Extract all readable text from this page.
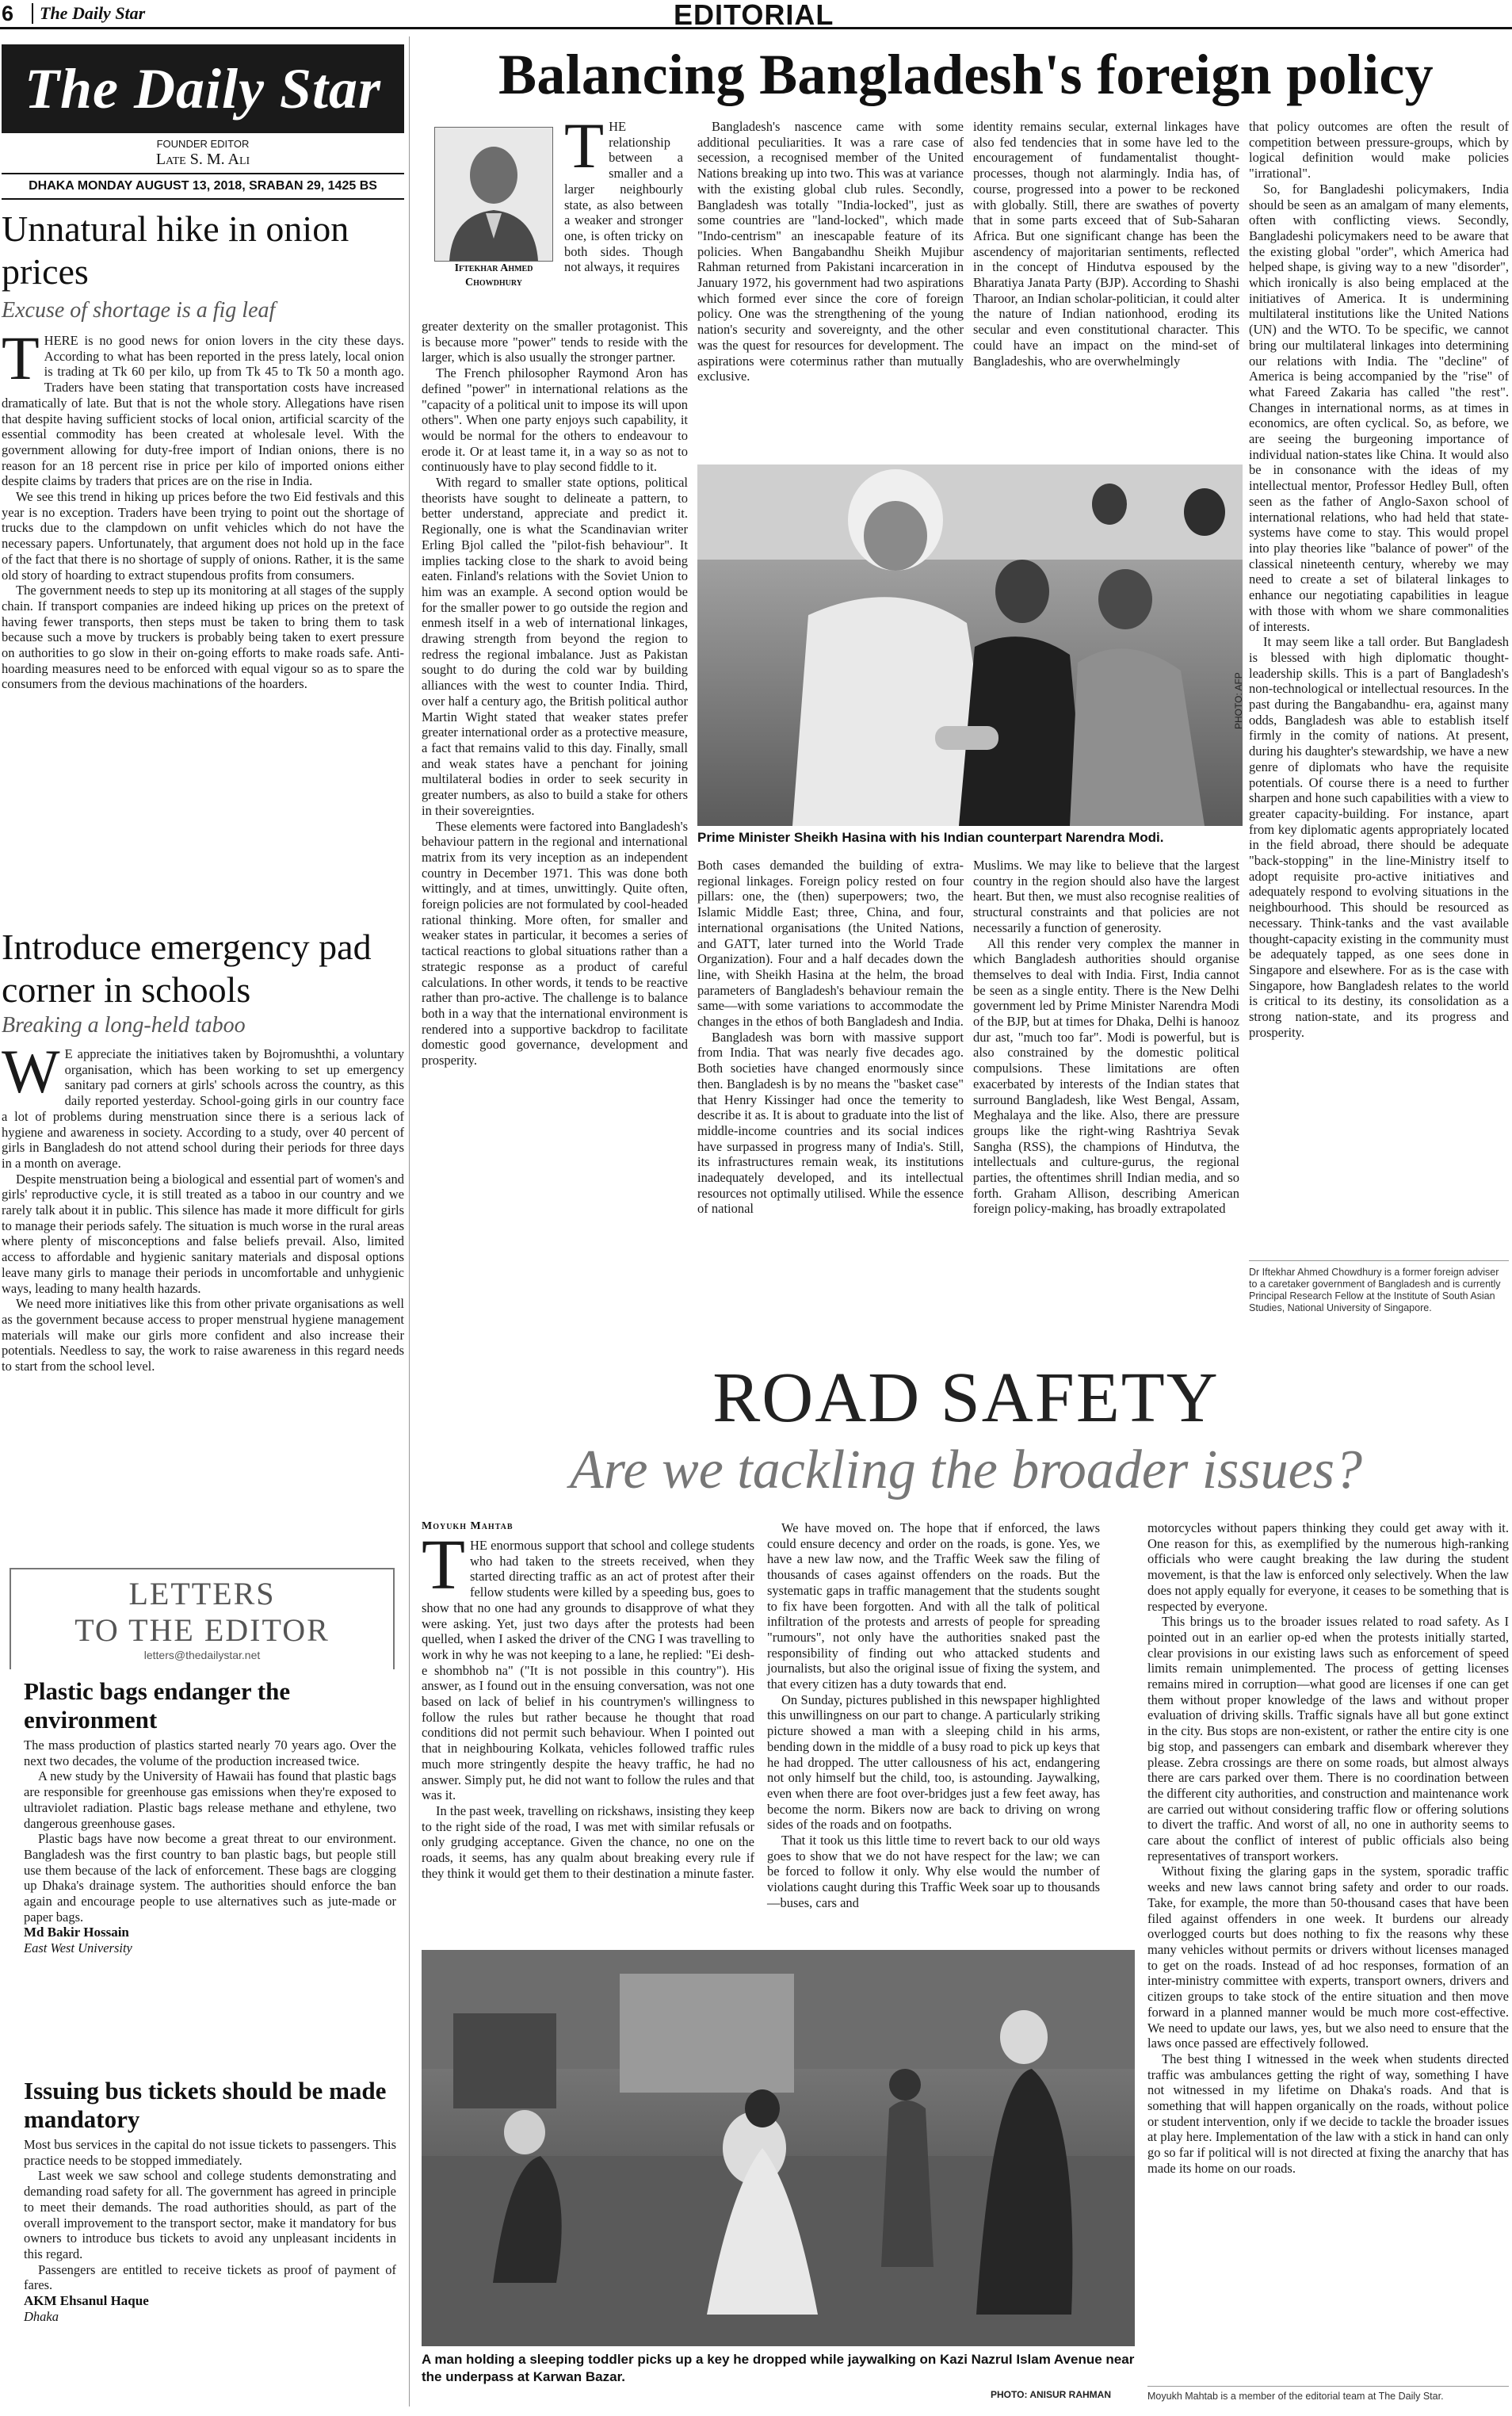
6	The Daily Star	EDITORIAL
The Daily Star
FOUNDER EDITOR
Late S. M. Ali
DHAKA MONDAY AUGUST 13, 2018, SRABAN 29, 1425 BS
Unnatural hike in onion prices
Excuse of shortage is a fig leaf

THERE is no good news for onion lovers in the city these days. According to what has been reported in the press lately, local onion is trading at Tk 60 per kilo, up from Tk 45 to Tk 50 a month ago. Traders have been stating that transportation costs have increased dramatically of late. But that is not the whole story. Allegations have risen that despite having sufficient stocks of local onion, artificial scarcity of the essential commodity has been created at wholesale level. With the government allowing for duty-free import of Indian onions, there is no reason for an 18 percent rise in price per kilo of imported onions either despite claims by traders that prices are on the rise in India.

We see this trend in hiking up prices before the two Eid festivals and this year is no exception. Traders have been trying to point out the shortage of trucks due to the clampdown on unfit vehicles which do not have the necessary papers. Unfortunately, that argument does not hold up in the face of the fact that there is no shortage of supply of onions. Rather, it is the same old story of hoarding to extract stupendous profits from consumers.

The government needs to step up its monitoring at all stages of the supply chain. If transport companies are indeed hiking up prices on the pretext of having fewer transports, then steps must be taken to bring them to task because such a move by truckers is probably being taken to exert pressure on authorities to go slow in their on-going efforts to make roads safe. Anti-hoarding measures need to be enforced with equal vigour so as to spare the consumers from the devious machinations of the hoarders.

Introduce emergency pad corner in schools
Breaking a long-held taboo

W E appreciate the initiatives taken by Bojromushthi, a voluntary organisation, which has been working to set up emergency sanitary pad corners at girls' schools across the country, as this daily reported yesterday. School-going girls in our country face a lot of problems during menstruation since there is a serious lack of hygiene and awareness in society. According to a study, over 40 percent of girls in Bangladesh do not attend school during their periods for three days in a month on average.

Despite menstruation being a biological and essential part of women's and girls' reproductive cycle, it is still treated as a taboo in our country and we rarely talk about it in public. This silence has made it more difficult for girls to manage their periods safely. The situation is much worse in the rural areas where plenty of misconceptions and false beliefs prevail. Also, limited access to affordable and hygienic sanitary materials and disposal options leave many girls to manage their periods in uncomfortable and unhygienic ways, leading to many health hazards.

We need more initiatives like this from other private organisations as well as the government because access to proper menstrual hygiene management materials will make our girls more confident and also increase their potentials. Needless to say, the work to raise awareness in this regard needs to start from the school level.

LETTERS
TO THE EDITOR
letters@thedailystar.net
Plastic bags endanger the environment

The mass production of plastics started nearly 70 years ago. Over the next two decades, the volume of the production increased twice.

A new study by the University of Hawaii has found that plastic bags are responsible for greenhouse gas emissions when they're exposed to ultraviolet radiation. Plastic bags release methane and ethylene, two dangerous greenhouse gases.

Plastic bags have now become a great threat to our environment. Bangladesh was the first country to ban plastic bags, but people still use them because of the lack of enforcement. These bags are clogging up Dhaka's drainage system. The authorities should enforce the ban again and encourage people to use alternatives such as jute-made or paper bags.

Md Bakir Hossain
East West University
Issuing bus tickets should be made mandatory

Most bus services in the capital do not issue tickets to passengers. This practice needs to be stopped immediately.

Last week we saw school and college students demonstrating and demanding road safety for all. The government has agreed in principle to meet their demands. The road authorities should, as part of the overall improvement to the transport sector, make it mandatory for bus owners to introduce bus tickets to avoid any unpleasant incidents in this regard.

Passengers are entitled to receive tickets as proof of payment of fares.

AKM Ehsanul Haque
Dhaka
Balancing Bangladesh's foreign policy
Iftekhar Ahmed
Chowdhury

THE relationship between a smaller and a larger neighbourly state, as also between a weaker and stronger one, is often tricky on both sides. Though not always, it requires

greater dexterity on the smaller protagonist. This is because more "power" tends to reside with the larger, which is also usually the stronger partner.

The French philosopher Raymond Aron has defined "power" in international relations as the "capacity of a political unit to impose its will upon others". When one party enjoys such capability, it would be normal for the others to endeavour to erode it. Or at least tame it, in a way so as not to continuously have to play second fiddle to it.

With regard to smaller state options, political theorists have sought to delineate a pattern, to better understand, appreciate and predict it. Regionally, one is what the Scandinavian writer Erling Bjol called the "pilot-fish behaviour". It implies tacking close to the shark to avoid being eaten. Finland's relations with the Soviet Union to him was an example. A second option would be for the smaller power to go outside the region and enmesh itself in a web of international linkages, drawing strength from beyond the region to redress the regional imbalance. Just as Pakistan sought to do during the cold war by building alliances with the west to counter India. Third, over half a century ago, the British political author Martin Wight stated that weaker states prefer greater international order as a protective measure, a fact that remains valid to this day. Finally, small and weak states have a penchant for joining multilateral bodies in order to seek security in greater numbers, as also to build a stake for others in their sovereignties.

These elements were factored into Bangladesh's behaviour pattern in the regional and international matrix from its very inception as an independent country in December 1971. This was done both wittingly, and at times, unwittingly. Quite often, foreign policies are not formulated by cool-headed rational thinking. More often, for smaller and weaker states in particular, it becomes a series of tactical reactions to global situations rather than a strategic response as a product of careful calculations. In other words, it tends to be reactive rather than pro-active. The challenge is to balance both in a way that the international environment is rendered into a supportive backdrop to facilitate domestic good governance, development and prosperity.

Bangladesh's nascence came with some additional peculiarities. It was a rare case of secession, a recognised member of the United Nations breaking up into two. This was at variance with the existing global club rules. Secondly, Bangladesh was totally "India-locked", just as some countries are "land-locked", which made "Indo-centrism" an inescapable feature of its policies. When Bangabandhu Sheikh Mujibur Rahman returned from Pakistani incarceration in January 1972, his government had two aspirations which formed ever since the core of foreign policy. One was the strengthening of the young nation's security and sovereignty, and the other was the quest for resources for development. The aspirations were coterminus rather than mutually exclusive.

identity remains secular, external linkages have also fed tendencies that in some have led to the encouragement of fundamentalist thought-processes, though not alarmingly. India has, of course, progressed into a power to be reckoned with globally. Still, there are swathes of poverty that in some parts exceed that of Sub-Saharan Africa. But one significant change has been the ascendency of majoritarian sentiments, reflected in the concept of Hindutva espoused by the Bharatiya Janata Party (BJP). According to Shashi Tharoor, an Indian scholar-politician, it could alter the nature of Indian nationhood, eroding its secular and even constitutional character. This could have an impact on the mind-set of Bangladeshis, who are overwhelmingly

PHOTO: AFP
Prime Minister Sheikh Hasina with his Indian counterpart Narendra Modi.

Both cases demanded the building of extra-regional linkages. Foreign policy rested on four pillars: one, the (then) superpowers; two, the Islamic Middle East; three, China, and four, international organisations (the United Nations, and GATT, later turned into the World Trade Organization). Four and a half decades down the line, with Sheikh Hasina at the helm, the broad parameters of Bangladesh's behaviour remain the same—with some variations to accommodate the changes in the ethos of both Bangladesh and India.

Bangladesh was born with massive support from India. That was nearly five decades ago. Both societies have changed enormously since then. Bangladesh is by no means the "basket case" that Henry Kissinger had once the temerity to describe it as. It is about to graduate into the list of middle-income countries and its social indices have surpassed in progress many of India's. Still, its infrastructures remain weak, its institutions inadequately developed, and its intellectual resources not optimally utilised. While the essence of national

Muslims. We may like to believe that the largest country in the region should also have the largest heart. But then, we must also recognise realities of structural constraints and that policies are not necessarily a function of generosity.

All this render very complex the manner in which Bangladesh authorities should organise themselves to deal with India. First, India cannot be seen as a single entity. There is the New Delhi government led by Prime Minister Narendra Modi of the BJP, but at times for Dhaka, Delhi is hanooz dur ast, "much too far". Modi is powerful, but is also constrained by the domestic political compulsions. These limitations are often exacerbated by interests of the Indian states that surround Bangladesh, like West Bengal, Assam, Meghalaya and the like. Also, there are pressure groups like the right-wing Rashtriya Sevak Sangha (RSS), the champions of Hindutva, the intellectuals and culture-gurus, the regional parties, the oftentimes shrill Indian media, and so forth. Graham Allison, describing American foreign policy-making, has broadly extrapolated

that policy outcomes are often the result of competition between pressure-groups, which by logical definition would make policies "irrational".

So, for Bangladeshi policymakers, India should be seen as an amalgam of many elements, often with conflicting views. Secondly, Bangladeshi policymakers need to be aware that the existing global "order", which America had helped shape, is giving way to a new "disorder", which ironically is also being emplaced at the initiatives of America. It is undermining multilateral institutions like the United Nations (UN) and the WTO. To be specific, we cannot bring our multilateral linkages into determining our relations with India. The "decline" of America is being accompanied by the "rise" of what Fareed Zakaria has called "the rest". Changes in international norms, as at times in economics, are often cyclical. So, as before, we are seeing the burgeoning importance of individual nation-states like China. It would also be in consonance with the ideas of my intellectual mentor, Professor Hedley Bull, often seen as the father of Anglo-Saxon school of international relations, who had held that state-systems have come to stay. This would propel into play theories like "balance of power" of the classical nineteenth century, whereby we may need to create a set of bilateral linkages to enhance our negotiating capabilities in league with those with whom we share commonalities of interests.

It may seem like a tall order. But Bangladesh is blessed with high diplomatic thought-leadership skills. This is a part of Bangladesh's non-technological or intellectual resources. In the past during the Bangabandhu- era, against many odds, Bangladesh was able to establish itself firmly in the comity of nations. At present, during his daughter's stewardship, we have a new genre of diplomats who have the requisite potentials. Of course there is a need to further sharpen and hone such capabilities with a view to greater capacity-building. For instance, apart from key diplomatic agents appropriately located in the field abroad, there should be adequate "back-stopping" in the line-Ministry itself to adopt requisite pro-active initiatives and adequately respond to evolving situations in the neighbourhood. This should be resourced as necessary. Think-tanks and the vast available thought-capacity existing in the community must be adequately tapped, as one sees done in Singapore and elsewhere. For as is the case with Singapore, how Bangladesh relates to the world is critical to its destiny, its consolidation as a strong nation-state, and its progress and prosperity.

Dr Iftekhar Ahmed Chowdhury is a former foreign adviser to a caretaker government of Bangladesh and is currently Principal Research Fellow at the Institute of South Asian Studies, National University of Singapore.
ROAD SAFETY
Are we tackling the broader issues?
Moyukh Mahtab

THE enormous support that school and college students who had taken to the streets received, when they started directing traffic as an act of protest after their fellow students were killed by a speeding bus, goes to show that no one had any grounds to disapprove of what they were asking. Yet, just two days after the protests had been quelled, when I asked the driver of the CNG I was travelling to work in why he was not keeping to a lane, he replied: "Ei desh-e shombhob na" ("It is not possible in this country"). His answer, as I found out in the ensuing conversation, was not one based on lack of belief in his countrymen's willingness to follow the rules but rather because he thought that road conditions did not permit such behaviour. When I pointed out that in neighbouring Kolkata, vehicles followed traffic rules much more stringently despite the heavy traffic, he had no answer. Simply put, he did not want to follow the rules and that was it.

In the past week, travelling on rickshaws, insisting they keep to the right side of the road, I was met with similar refusals or only grudging acceptance. Given the chance, no one on the roads, it seems, has any qualm about breaking every rule if they think it would get them to their destination a minute faster.

We have moved on. The hope that if enforced, the laws could ensure decency and order on the roads, is gone. Yes, we have a new law now, and the Traffic Week saw the filing of thousands of cases against offenders on the roads. But the systematic gaps in traffic management that the students sought to fix have been forgotten. And with all the talk of political infiltration of the protests and arrests of people for spreading "rumours", not only have the authorities snaked past the responsibility of finding out who attacked students and journalists, but also the original issue of fixing the system, and that every citizen has a duty towards that end.

On Sunday, pictures published in this newspaper highlighted this unwillingness on our part to change. A particularly striking picture showed a man with a sleeping child in his arms, bending down in the middle of a busy road to pick up keys that he had dropped. The utter callousness of his act, endangering not only himself but the child, too, is astounding. Jaywalking, even when there are foot over-bridges just a few feet away, has become the norm. Bikers now are back to driving on wrong sides of the roads and on footpaths.

That it took us this little time to revert back to our old ways goes to show that we do not have respect for the law; we can be forced to follow it only. Why else would the number of violations caught during this Traffic Week soar up to thousands—buses, cars and

A man holding a sleeping toddler picks up a key he dropped while jaywalking on Kazi Nazrul Islam Avenue near the underpass at Karwan Bazar.
PHOTO: ANISUR RAHMAN

motorcycles without papers thinking they could get away with it. One reason for this, as exemplified by the numerous high-ranking officials who were caught breaking the law during the student movement, is that the law is enforced only selectively. When the law does not apply equally for everyone, it ceases to be something that is respected by everyone.

This brings us to the broader issues related to road safety. As I pointed out in an earlier op-ed when the protests initially started, clear provisions in our existing laws such as enforcement of speed limits remain unimplemented. The process of getting licenses remains mired in corruption—what good are licenses if one can get them without proper knowledge of the laws and without proper evaluation of driving skills. Traffic signals have all but gone extinct in the city. Bus stops are non-existent, or rather the entire city is one big stop, and passengers can embark and disembark wherever they please. Zebra crossings are there on some roads, but almost always there are cars parked over them. There is no coordination between the different city authorities, and construction and maintenance work are carried out without considering traffic flow or offering solutions to divert the traffic. And worst of all, no one in authority seems to care about the conflict of interest of public officials also being representatives of transport workers.

Without fixing the glaring gaps in the system, sporadic traffic weeks and new laws cannot bring safety and order to our roads. Take, for example, the more than 50-thousand cases that have been filed against offenders in one week. It burdens our already overlogged courts but does nothing to fix the reasons why these many vehicles without permits or drivers without licenses managed to get on the roads. Instead of ad hoc responses, formation of an inter-ministry committee with experts, transport owners, drivers and citizen groups to take stock of the entire situation and then move forward in a planned manner would be much more cost-effective. We need to update our laws, yes, but we also need to ensure that the laws once passed are effectively followed.

The best thing I witnessed in the week when students directed traffic was ambulances getting the right of way, something I have not witnessed in my lifetime on Dhaka's roads. And that is something that will happen organically on the roads, without police or student intervention, only if we decide to tackle the broader issues at play here. Implementation of the law with a stick in hand can only go so far if political will is not directed at fixing the anarchy that has made its home on our roads.

Moyukh Mahtab is a member of the editorial team at The Daily Star.
